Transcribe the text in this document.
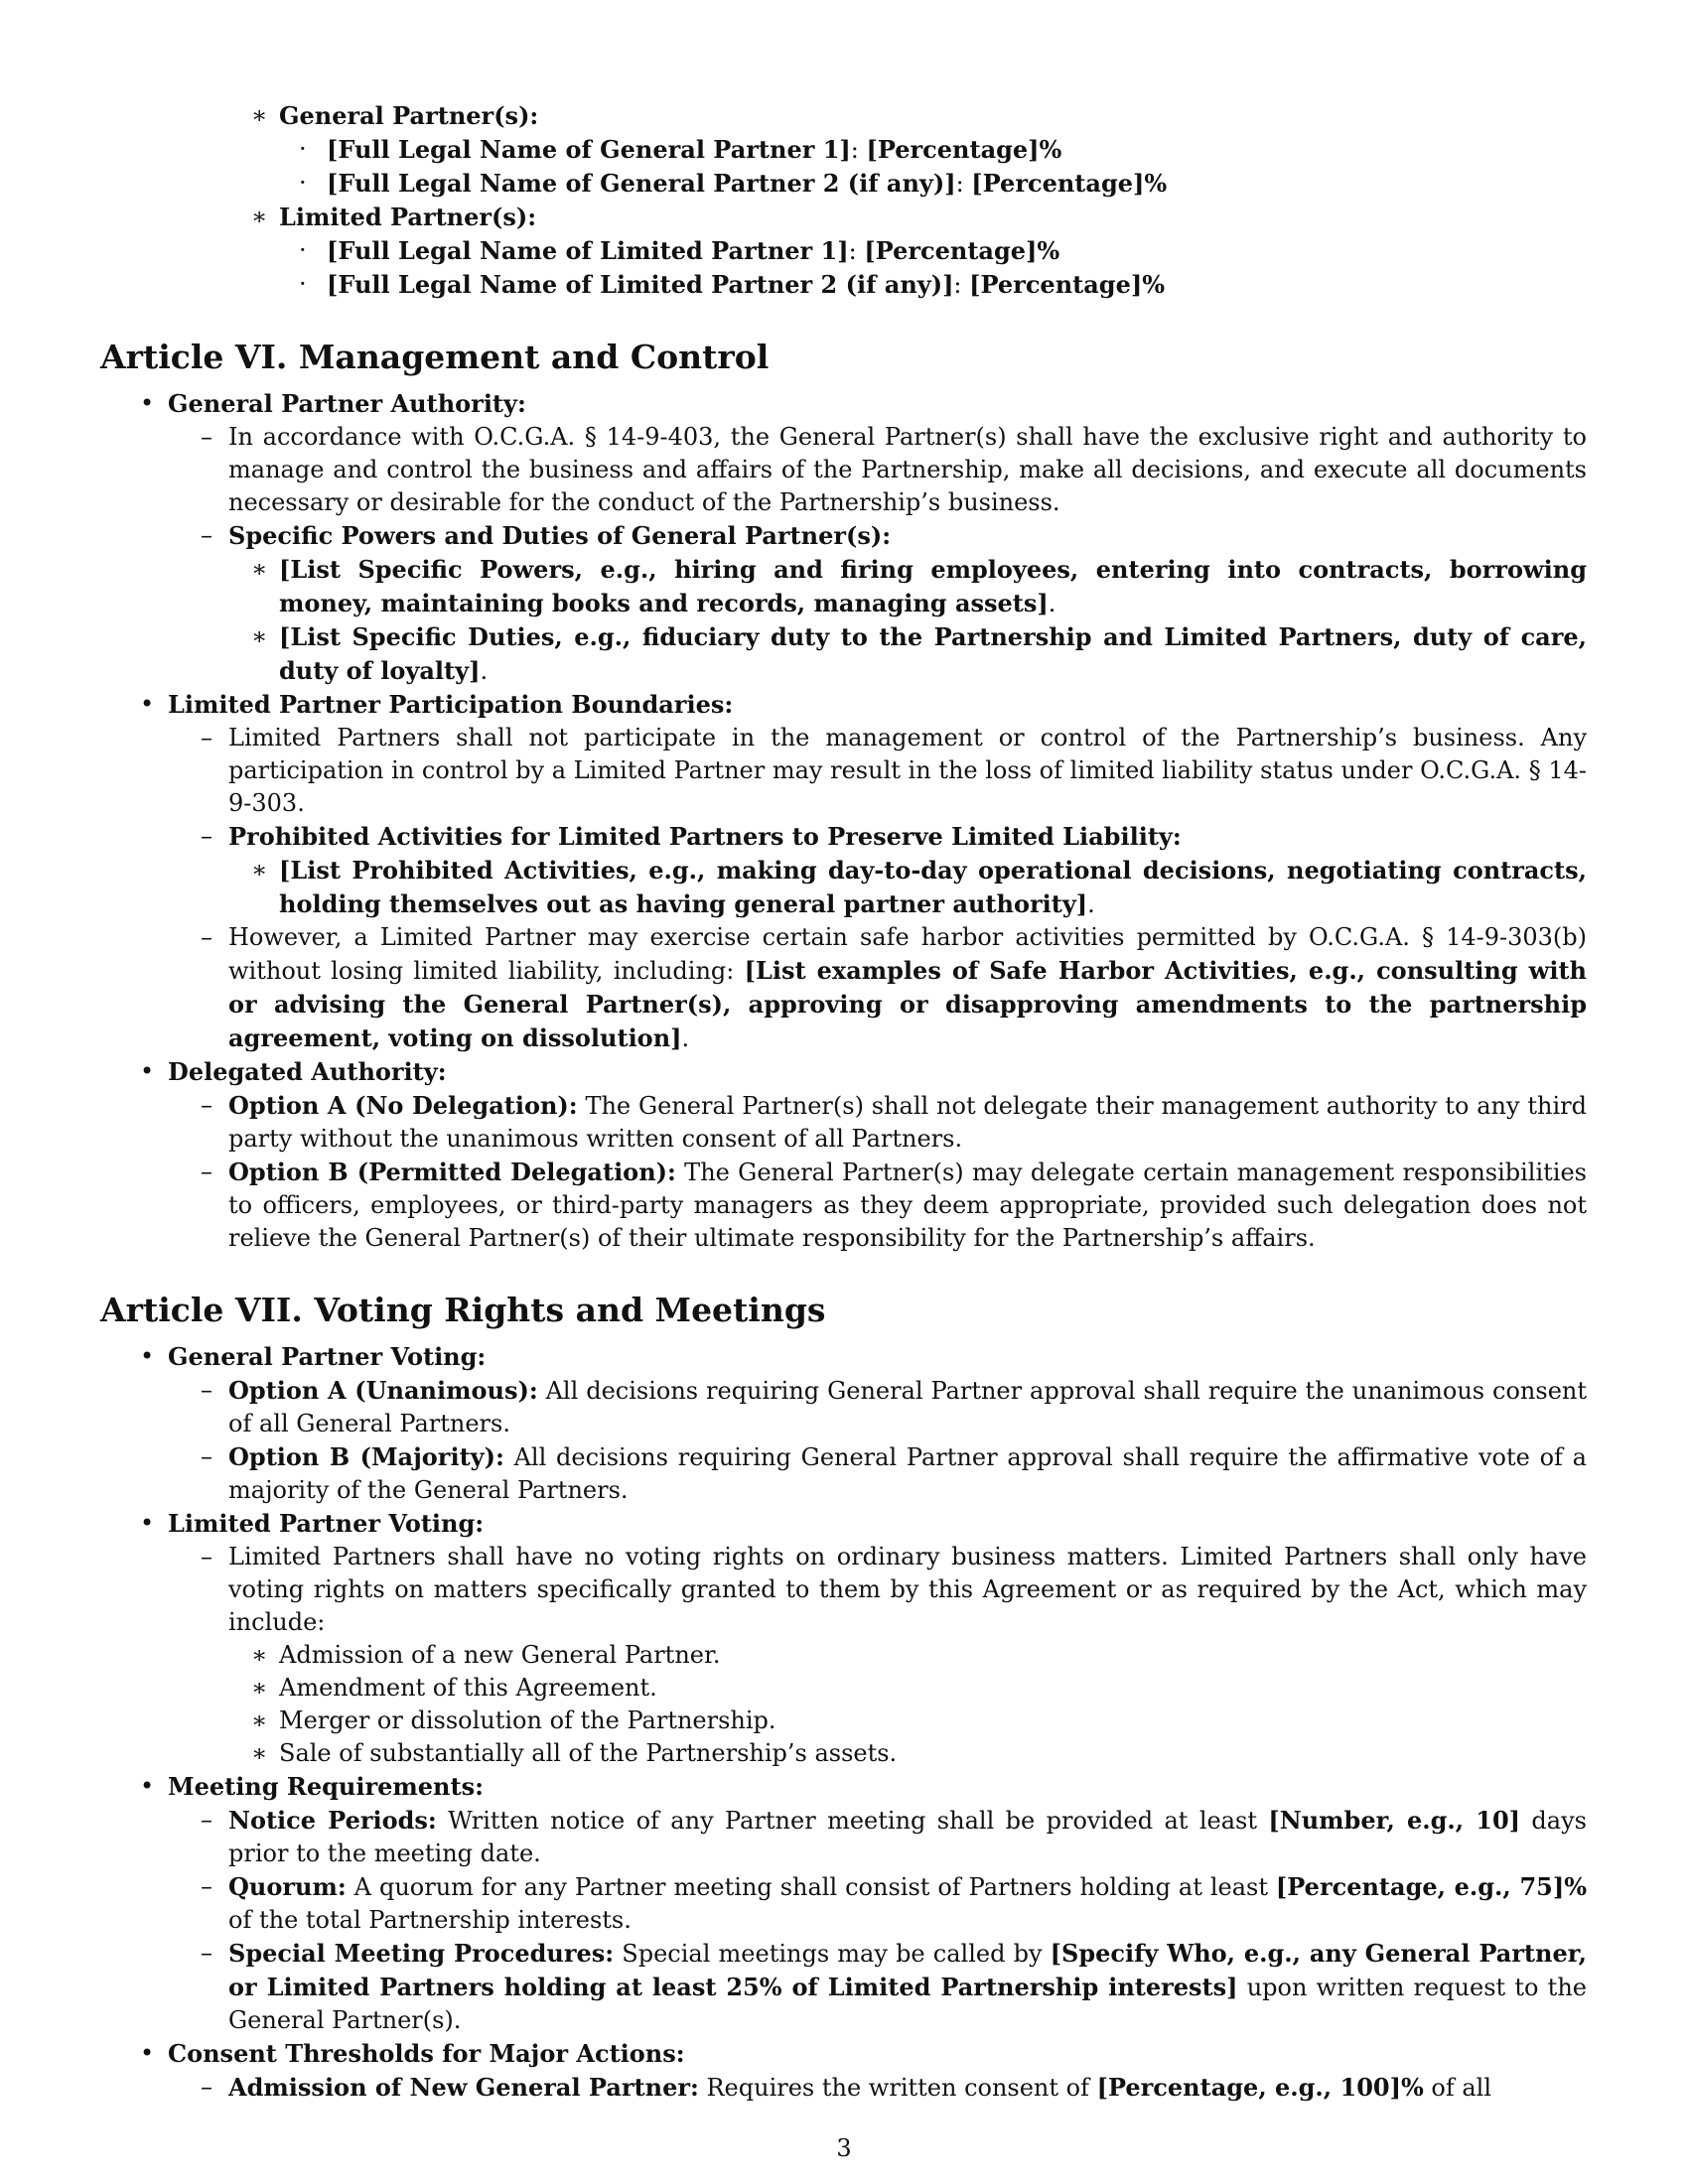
∗ General Partner(s):
· [Full Legal Name of General Partner 1]: [Percentage]%
· [Full Legal Name of General Partner 2 (if any)]: [Percentage]%
∗ Limited Partner(s):
· [Full Legal Name of Limited Partner 1]: [Percentage]%
· [Full Legal Name of Limited Partner 2 (if any)]: [Percentage]%
Article VI. Management and Control
• General Partner Authority:
– In accordance with O.C.G.A. § 14-9-403, the General Partner(s) shall have the exclusive right and authority to manage and control the business and affairs of the Partnership, make all decisions, and execute all documents necessary or desirable for the conduct of the Partnership’s business.
– Specific Powers and Duties of General Partner(s):
∗ [List Specific Powers, e.g., hiring and firing employees, entering into contracts, borrowing money, maintaining books and records, managing assets].
∗ [List Specific Duties, e.g., fiduciary duty to the Partnership and Limited Partners, duty of care, duty of loyalty].
• Limited Partner Participation Boundaries:
– Limited Partners shall not participate in the management or control of the Partnership’s business. Any participation in control by a Limited Partner may result in the loss of limited liability status under O.C.G.A. § 14-9-303.
– Prohibited Activities for Limited Partners to Preserve Limited Liability:
∗ [List Prohibited Activities, e.g., making day-to-day operational decisions, negotiating contracts, holding themselves out as having general partner authority].
– However, a Limited Partner may exercise certain safe harbor activities permitted by O.C.G.A. § 14-9-303(b) without losing limited liability, including: [List examples of Safe Harbor Activities, e.g., consulting with or advising the General Partner(s), approving or disapproving amendments to the partnership agreement, voting on dissolution].
• Delegated Authority:
– Option A (No Delegation): The General Partner(s) shall not delegate their management authority to any third party without the unanimous written consent of all Partners.
– Option B (Permitted Delegation): The General Partner(s) may delegate certain management responsibilities to officers, employees, or third-party managers as they deem appropriate, provided such delegation does not relieve the General Partner(s) of their ultimate responsibility for the Partnership’s affairs.
Article VII. Voting Rights and Meetings
• General Partner Voting:
– Option A (Unanimous): All decisions requiring General Partner approval shall require the unanimous consent of all General Partners.
– Option B (Majority): All decisions requiring General Partner approval shall require the affirmative vote of a majority of the General Partners.
• Limited Partner Voting:
– Limited Partners shall have no voting rights on ordinary business matters. Limited Partners shall only have voting rights on matters specifically granted to them by this Agreement or as required by the Act, which may include:
∗ Admission of a new General Partner.
∗ Amendment of this Agreement.
∗ Merger or dissolution of the Partnership.
∗ Sale of substantially all of the Partnership’s assets.
• Meeting Requirements:
– Notice Periods: Written notice of any Partner meeting shall be provided at least [Number, e.g., 10] days prior to the meeting date.
– Quorum: A quorum for any Partner meeting shall consist of Partners holding at least [Percentage, e.g., 75]% of the total Partnership interests.
– Special Meeting Procedures: Special meetings may be called by [Specify Who, e.g., any General Partner, or Limited Partners holding at least 25% of Limited Partnership interests] upon written request to the General Partner(s).
• Consent Thresholds for Major Actions:
– Admission of New General Partner: Requires the written consent of [Percentage, e.g., 100]% of all
3
